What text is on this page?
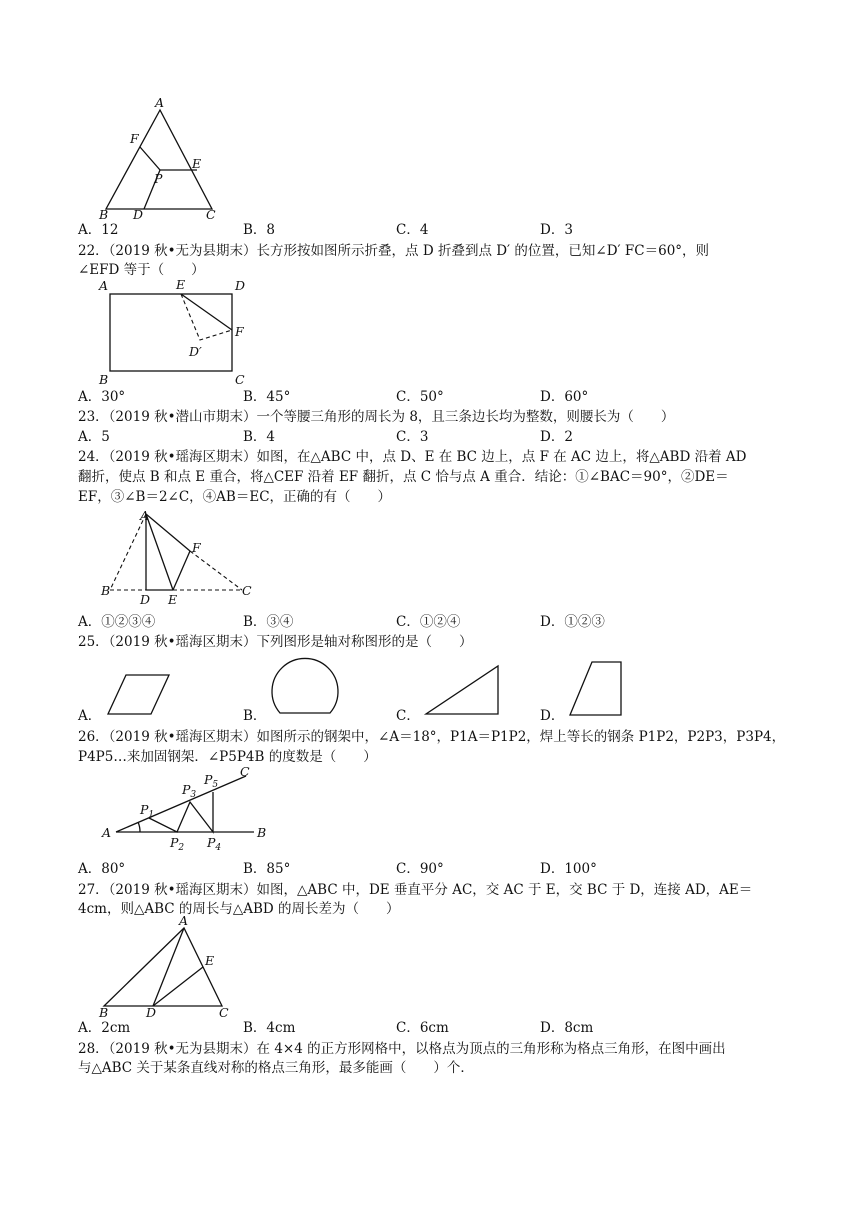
A
F
E
P
B D	C
A．12	B．8	C．4	D．3
22．（2019 秋•无为县期末）长方形按如图所示折叠，点 D 折叠到点 D′ 的位置，已知∠D′ FC＝60°，则
∠EFD 等于（　　）
A	E	D
F
D′
B	C
A．30°	B．45°	C．50°	D．60°
23．（2019 秋•潜山市期末）一个等腰三角形的周长为 8，且三条边长均为整数，则腰长为（　　）
A．5	B．4	C．3	D．2
24．（2019 秋•瑶海区期末）如图，在△ABC 中，点 D、E 在 BC 边上，点 F 在 AC 边上，将△ABD 沿着 AD
翻折，使点 B 和点 E 重合，将△CEF 沿着 EF 翻折，点 C 恰与点 A 重合．结论：①∠BAC＝90°，②DE＝
EF，③∠B＝2∠C，④AB＝EC，正确的有（　　）
A
F
B	C
D E
A．①②③④	B．③④	C．①②④	D．①②③
25．（2019 秋•瑶海区期末）下列图形是轴对称图形的是（　　）
A．	B．	C．	D．
26．（2019 秋•瑶海区期末）如图所示的钢架中，∠A＝18°，P1A＝P1P2，焊上等长的钢条 P1P2，P2P3，P3P4，
P4P5…来加固钢架．∠P5P4B 的度数是（　　）
A	B
C
$P_1$
$P_2$
$P_3$
$P_4$
$P_5$
A．80°	B．85°	C．90°	D．100°
27．（2019 秋•瑶海区期末）如图，△ABC 中，DE 垂直平分 AC，交 AC 于 E，交 BC 于 D，连接 AD，AE＝
4cm，则△ABC 的周长与△ABD 的周长差为（　　）
A
E
B	D	C
A．2cm	B．4cm	C．6cm	D．8cm
28．（2019 秋•无为县期末）在 4×4 的正方形网格中，以格点为顶点的三角形称为格点三角形，在图中画出
与△ABC 关于某条直线对称的格点三角形，最多能画（　　）个．
